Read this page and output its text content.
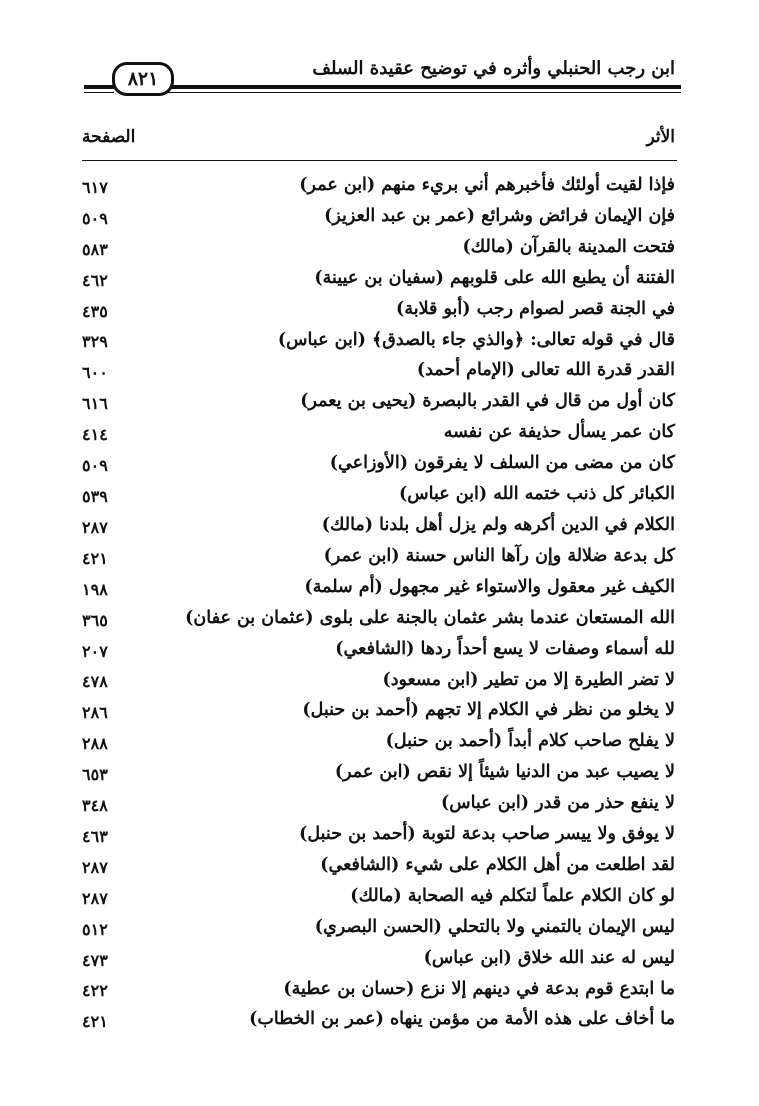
ابن رجب الحنبلي وأثره في توضيح عقيدة السلف
٨٢١
الأثر
الصفحة
فإذا لقيت أولئك فأخبرهم أني بريء منهم (ابن عمر)
٦١٧
فإن الإيمان فرائض وشرائع (عمر بن عبد العزيز)
٥٠٩
فتحت المدينة بالقرآن (مالك)
٥٨٣
الفتنة أن يطبع الله على قلوبهم (سفيان بن عيينة)
٤٦٢
في الجنة قصر لصوام رجب (أبو قلابة)
٤٣٥
قال في قوله تعالى: ﴿والذي جاء بالصدق﴾ (ابن عباس)
٣٢٩
القدر قدرة الله تعالى (الإمام أحمد)
٦٠٠
كان أول من قال في القدر بالبصرة (يحيى بن يعمر)
٦١٦
كان عمر يسأل حذيفة عن نفسه
٤١٤
كان من مضى من السلف لا يفرقون (الأوزاعي)
٥٠٩
الكبائر كل ذنب ختمه الله (ابن عباس)
٥٣٩
الكلام في الدين أكرهه ولم يزل أهل بلدنا (مالك)
٢٨٧
كل بدعة ضلالة وإن رآها الناس حسنة (ابن عمر)
٤٢١
الكيف غير معقول والاستواء غير مجهول (أم سلمة)
١٩٨
الله المستعان عندما بشر عثمان بالجنة على بلوى (عثمان بن عفان)
٣٦٥
لله أسماء وصفات لا يسع أحداً ردها (الشافعي)
٢٠٧
لا تضر الطيرة إلا من تطير (ابن مسعود)
٤٧٨
لا يخلو من نظر في الكلام إلا تجهم (أحمد بن حنبل)
٢٨٦
لا يفلح صاحب كلام أبداً (أحمد بن حنبل)
٢٨٨
لا يصيب عبد من الدنيا شيئاً إلا نقص (ابن عمر)
٦٥٣
لا ينفع حذر من قدر (ابن عباس)
٣٤٨
لا يوفق ولا ييسر صاحب بدعة لتوبة (أحمد بن حنبل)
٤٦٣
لقد اطلعت من أهل الكلام على شيء (الشافعي)
٢٨٧
لو كان الكلام علماً لتكلم فيه الصحابة (مالك)
٢٨٧
ليس الإيمان بالتمني ولا بالتحلي (الحسن البصري)
٥١٢
ليس له عند الله خلاق (ابن عباس)
٤٧٣
ما ابتدع قوم بدعة في دينهم إلا نزع (حسان بن عطية)
٤٢٢
ما أخاف على هذه الأمة من مؤمن ينهاه (عمر بن الخطاب)
٤٢١
